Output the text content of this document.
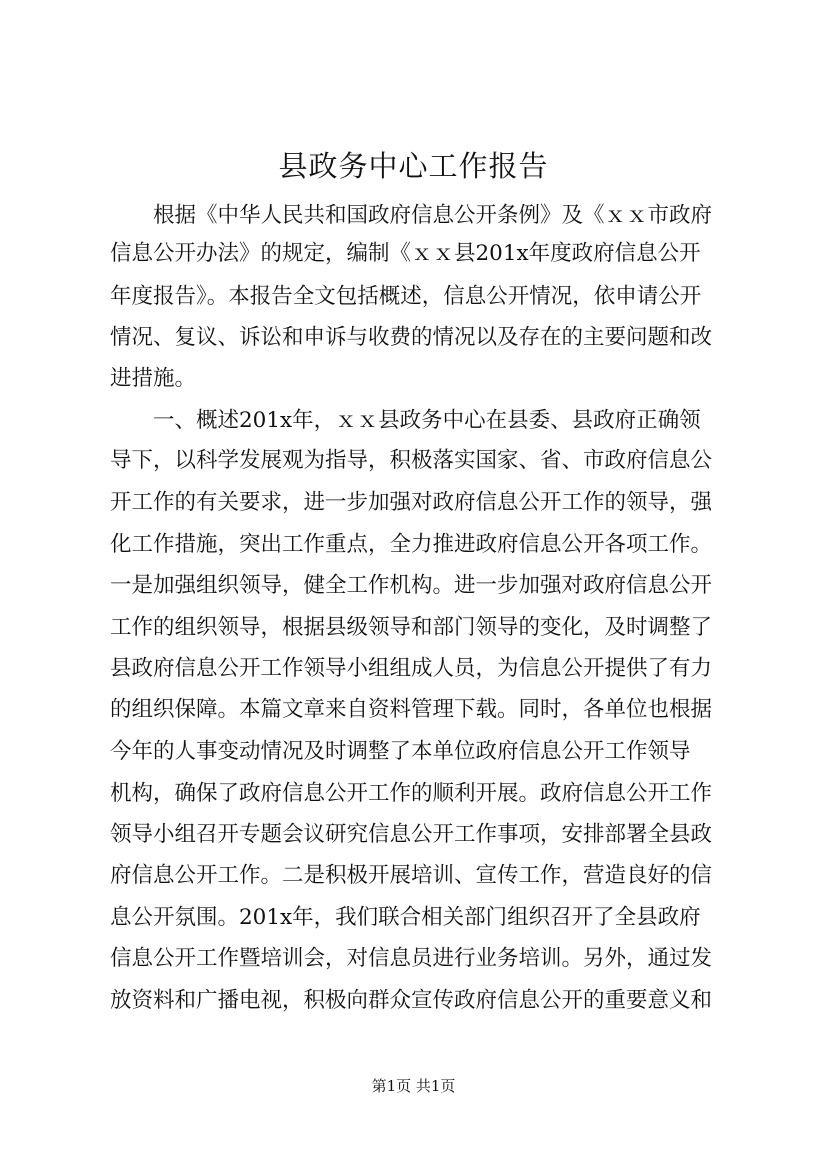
县政务中心工作报告
　　根据《中华人民共和国政府信息公开条例》及《ｘｘ市政府
信息公开办法》的规定，编制《ｘｘ县201x年度政府信息公开
年度报告》。本报告全文包括概述，信息公开情况，依申请公开
情况、复议、诉讼和申诉与收费的情况以及存在的主要问题和改
进措施。
　　一、概述201x年，ｘｘ县政务中心在县委、县政府正确领
导下，以科学发展观为指导，积极落实国家、省、市政府信息公
开工作的有关要求，进一步加强对政府信息公开工作的领导，强
化工作措施，突出工作重点，全力推进政府信息公开各项工作。
一是加强组织领导，健全工作机构。进一步加强对政府信息公开
工作的组织领导，根据县级领导和部门领导的变化，及时调整了
县政府信息公开工作领导小组组成人员，为信息公开提供了有力
的组织保障。本篇文章来自资料管理下载。同时，各单位也根据
今年的人事变动情况及时调整了本单位政府信息公开工作领导
机构，确保了政府信息公开工作的顺利开展。政府信息公开工作
领导小组召开专题会议研究信息公开工作事项，安排部署全县政
府信息公开工作。二是积极开展培训、宣传工作，营造良好的信
息公开氛围。201x年，我们联合相关部门组织召开了全县政府
信息公开工作暨培训会，对信息员进行业务培训。另外，通过发
放资料和广播电视，积极向群众宣传政府信息公开的重要意义和
第1页 共1页
